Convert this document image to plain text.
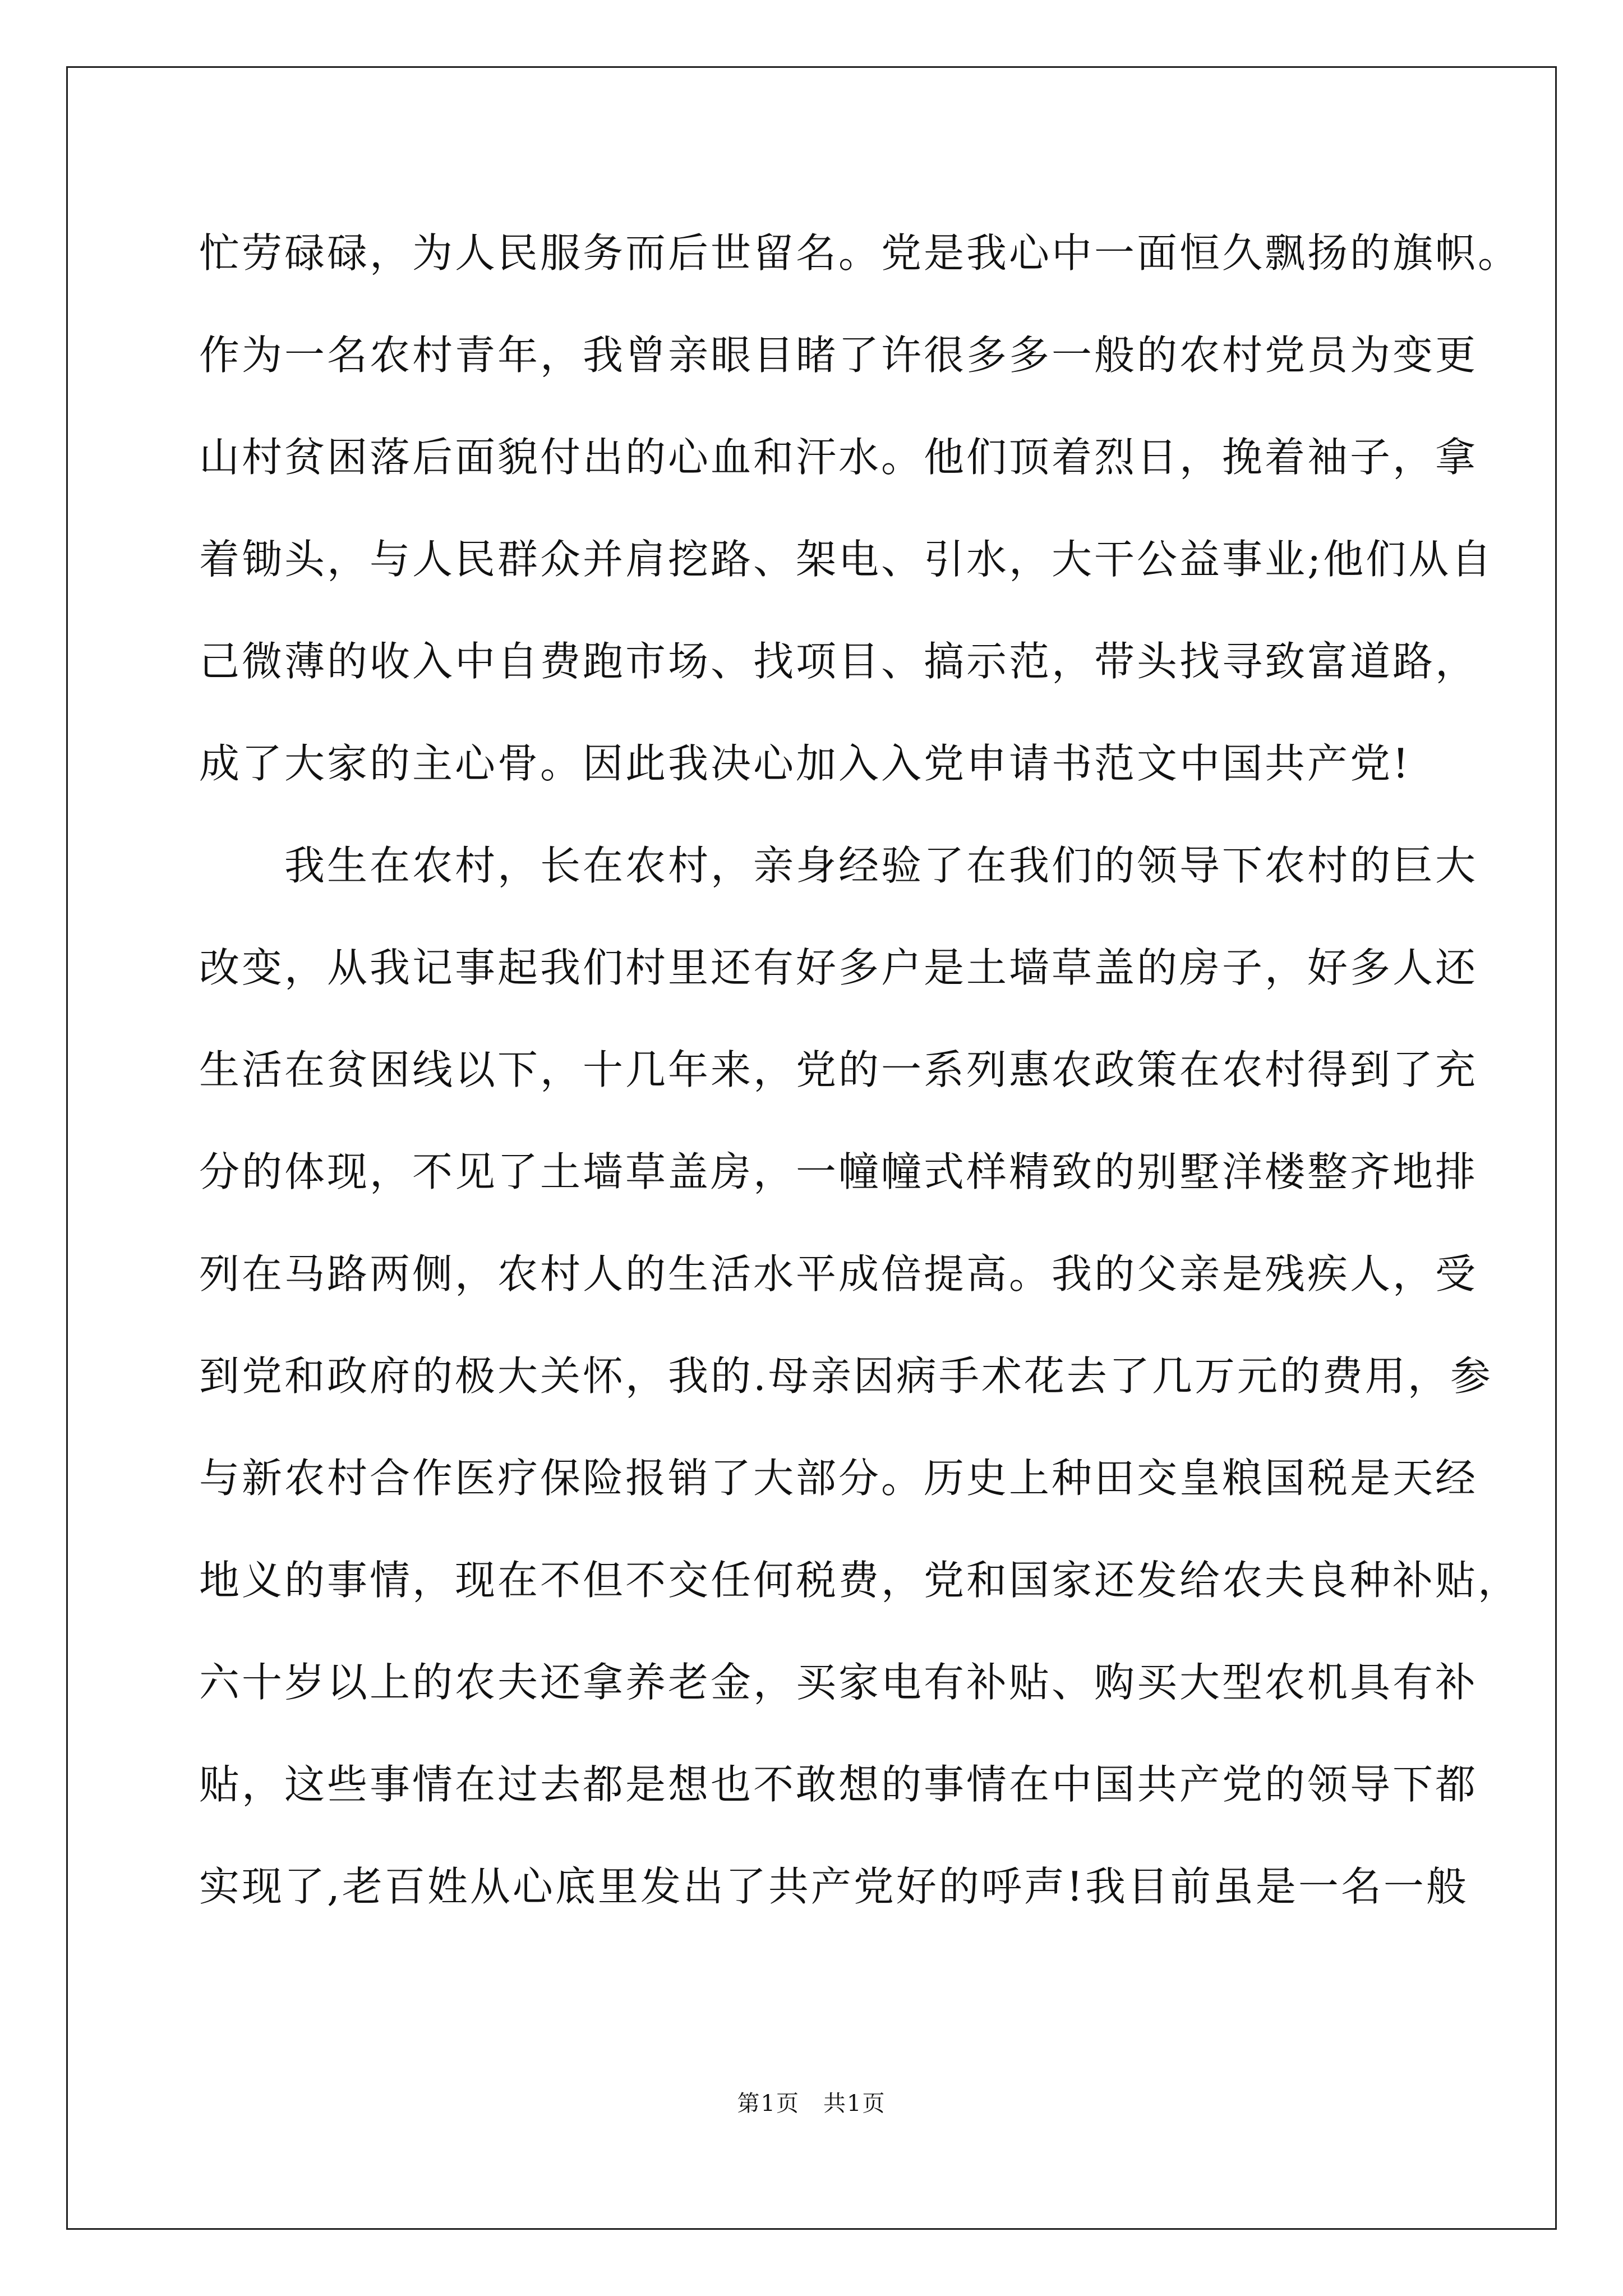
忙劳碌碌，为人民服务而后世留名。党是我心中一面恒久飘扬的旗帜。
作为一名农村青年，我曾亲眼目睹了许很多多一般的农村党员为变更
山村贫困落后面貌付出的心血和汗水。他们顶着烈日，挽着袖子，拿
着锄头，与人民群众并肩挖路、架电、引水，大干公益事业;他们从自
己微薄的收入中自费跑市场、找项目、搞示范，带头找寻致富道路，
成了大家的主心骨。因此我决心加入入党申请书范文中国共产党!
　　我生在农村，长在农村，亲身经验了在我们的领导下农村的巨大
改变，从我记事起我们村里还有好多户是土墙草盖的房子，好多人还
生活在贫困线以下，十几年来，党的一系列惠农政策在农村得到了充
分的体现，不见了土墙草盖房，一幢幢式样精致的别墅洋楼整齐地排
列在马路两侧，农村人的生活水平成倍提高。我的父亲是残疾人，受
到党和政府的极大关怀，我的.母亲因病手术花去了几万元的费用，参
与新农村合作医疗保险报销了大部分。历史上种田交皇粮国税是天经
地义的事情，现在不但不交任何税费，党和国家还发给农夫良种补贴，
六十岁以上的农夫还拿养老金，买家电有补贴、购买大型农机具有补
贴，这些事情在过去都是想也不敢想的事情在中国共产党的领导下都
实现了,老百姓从心底里发出了共产党好的呼声!我目前虽是一名一般
第1页　共1页
